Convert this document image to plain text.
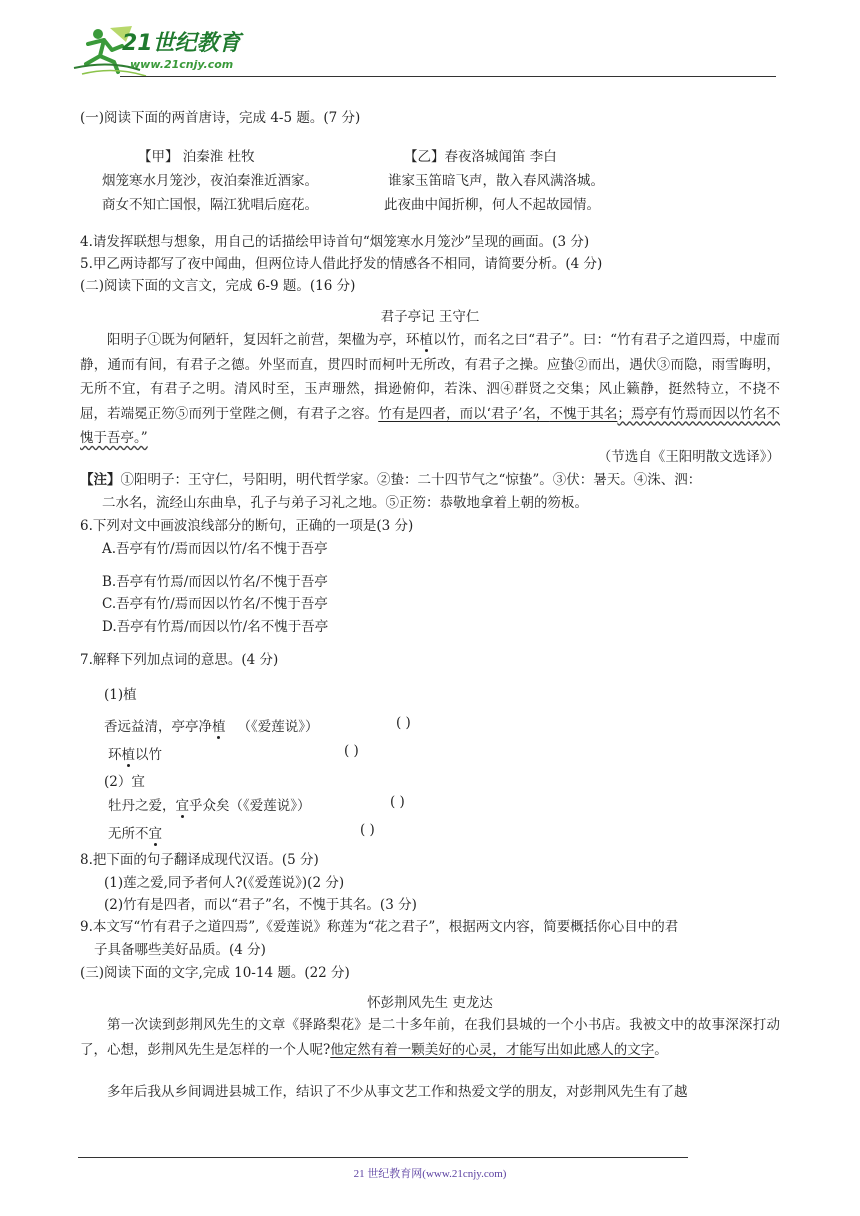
21世纪教育
www.21cnjy.com
(一)阅读下面的两首唐诗，完成 4-5 题。(7 分)
【甲】 泊秦淮 杜牧
烟笼寒水月笼沙，夜泊秦淮近酒家。
商女不知亡国恨，隔江犹唱后庭花。
【乙】春夜洛城闻笛 李白
谁家玉笛暗飞声，散入春风满洛城。
此夜曲中闻折柳，何人不起故园情。
4.请发挥联想与想象，用自己的话描绘甲诗首句“烟笼寒水月笼沙”呈现的画面。(3 分)
5.甲乙两诗都写了夜中闻曲，但两位诗人借此抒发的情感各不相同，请简要分析。(4 分)
(二)阅读下面的文言文，完成 6-9 题。(16 分)
君子亭记 王守仁
阳明子①既为何陋轩，复因轩之前营，架楹为亭，环植以竹，而名之曰“君子”。曰：“竹有君子之道四焉，中虚而静，通而有间，有君子之德。外坚而直，贯四时而柯叶无所改，有君子之操。应蛰②而出，遇伏③而隐，雨雪晦明，无所不宜，有君子之明。清风时至，玉声珊然，揖逊俯仰，若洙、泗④群贤之交集；风止籁静，挺然特立，不挠不屈，若端冕正笏⑤而列于堂陛之侧，有君子之容。竹有是四者，而以‘君子’名，不愧于其名；焉亭有竹焉而因以竹名不愧于吾亭。”
（节选自《王阳明散文选译》）
【注】①阳明子：王守仁，号阳明，明代哲学家。②蛰：二十四节气之“惊蛰”。③伏：暑天。④洙、泗：
二水名，流经山东曲阜，孔子与弟子习礼之地。⑤正笏：恭敬地拿着上朝的笏板。
6.下列对文中画波浪线部分的断句，正确的一项是(3 分)
A.吾亭有竹/焉而因以竹/名不愧于吾亭
B.吾亭有竹焉/而因以竹名/不愧于吾亭
C.吾亭有竹/焉而因以竹名/不愧于吾亭
D.吾亭有竹焉/而因以竹/名不愧于吾亭
7.解释下列加点词的意思。(4 分)
(1)植
香远益清，亭亭净植 （《爱莲说》）	( )
环植以竹	( )
(2）宜
牡丹之爱，宜乎众矣（《爱莲说》）	( )
无所不宜	( )
8.把下面的句子翻译成现代汉语。(5 分)
(1)莲之爱,同予者何人?(《爱莲说》)(2 分)
(2)竹有是四者，而以“君子”名，不愧于其名。(3 分)
9.本文写“竹有君子之道四焉”,《爱莲说》称莲为“花之君子”，根据两文内容，简要概括你心目中的君
子具备哪些美好品质。(4 分)
(三)阅读下面的文字,完成 10-14 题。(22 分)
怀彭荆风先生 吏龙达
第一次读到彭荆风先生的文章《驿路梨花》是二十多年前，在我们县城的一个小书店。我被文中的故事深深打动了，心想，彭荆风先生是怎样的一个人呢?他定然有着一颗美好的心灵，才能写出如此感人的文字。
多年后我从乡间调进县城工作，结识了不少从事文艺工作和热爱文学的朋友，对彭荆风先生有了越
21 世纪教育网(www.21cnjy.com)
